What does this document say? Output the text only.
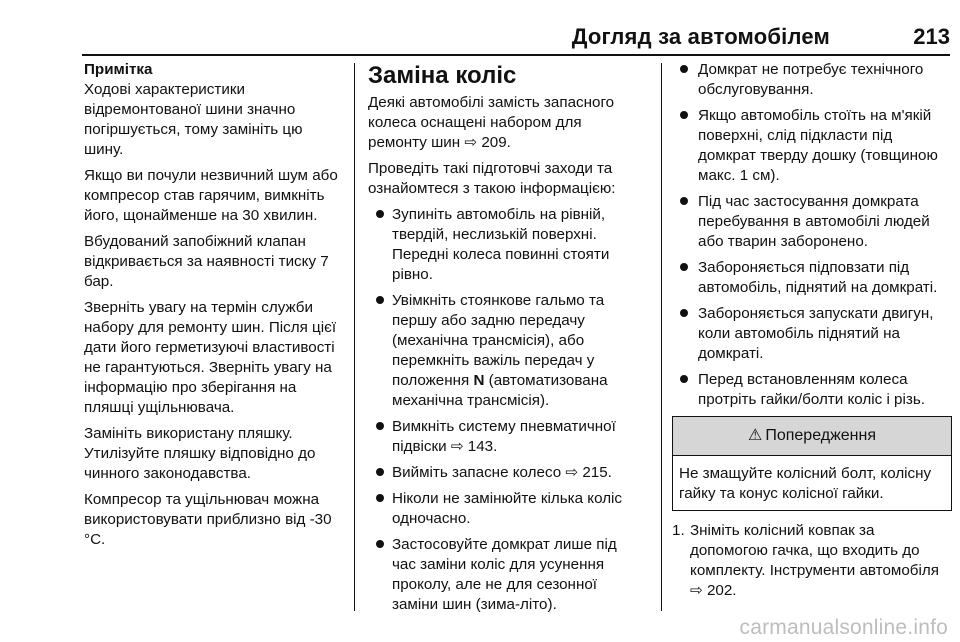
Догляд за автомобілем	213

Примітка

Ходові характеристики відремонтованої шини значно погіршується, тому замініть цю шину.

Якщо ви почули незвичний шум або компресор став гарячим, вимкніть його, щонайменше на 30 хвилин.

Вбудований запобіжний клапан відкривається за наявності тиску 7 бар.

Зверніть увагу на термін служби набору для ремонту шин. Після цієї дати його герметизуючі властивості не гарантуються. Зверніть увагу на інформацію про зберігання на пляшці ущільнювача.

Замініть використану пляшку. Утилізуйте пляшку відповідно до чинного законодавства.

Компресор та ущільнювач можна використовувати приблизно від -30 °C.

Заміна коліс

Деякі автомобілі замість запасного колеса оснащені набором для ремонту шин ⇨ 209.

Проведіть такі підготовчі заходи та ознайомтеся з такою інформацією:

Зупиніть автомобіль на рівній, твердій, неслизькій поверхні. Передні колеса повинні стояти рівно.
Увімкніть стоянкове гальмо та першу або задню передачу (механічна трансмісія), або перемкніть важіль передач у положення N (автоматизована механічна трансмісія).
Вимкніть систему пневматичної підвіски ⇨ 143.
Вийміть запасне колесо ⇨ 215.
Ніколи не замінюйте кілька коліс одночасно.
Застосовуйте домкрат лише під час заміни коліс для усунення проколу, але не для сезонної заміни шин (зима-літо).
Домкрат не потребує технічного обслуговування.
Якщо автомобіль стоїть на м'якій поверхні, слід підкласти під домкрат тверду дошку (товщиною макс. 1 см).
Під час застосування домкрата перебування в автомобілі людей або тварин заборонено.
Забороняється підповзати під автомобіль, піднятий на домкраті.
Забороняється запускати двигун, коли автомобіль піднятий на домкраті.
Перед встановленням колеса протріть гайки/болти коліс і різь.
⚠ Попередження
Не змащуйте колісний болт, колісну гайку та конус колісної гайки.
1. Зніміть колісний ковпак за допомогою гачка, що входить до комплекту. Інструменти автомобіля ⇨ 202.
carmanualsonline.info
